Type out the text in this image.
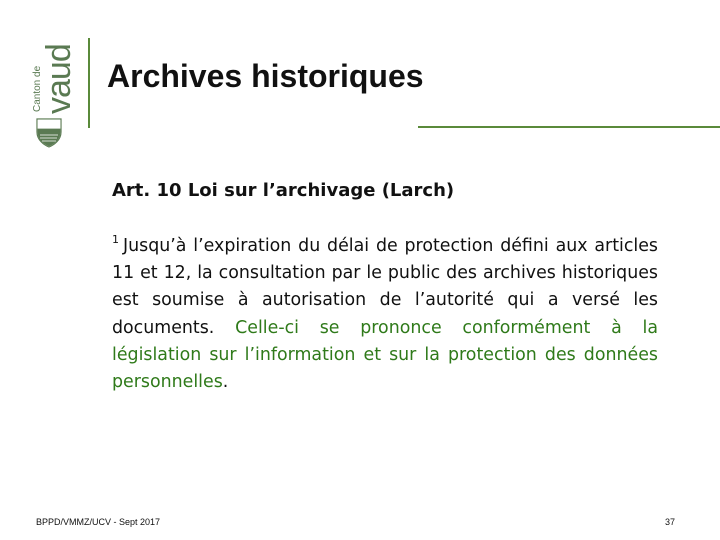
Canton de
vaud Archives historiques
Art. 10 Loi sur l’archivage (Larch)

$^1$ Jusqu’à l’expiration du délai de protection défini aux articles 11 et 12, la consultation par le public des archives historiques est soumise à autorisation de l’autorité qui a versé les documents. Celle-ci se prononce conformément à la législation sur l’information et sur la protection des données personnelles.

BPPD/VMMZ/UCV - Sept 2017	37
